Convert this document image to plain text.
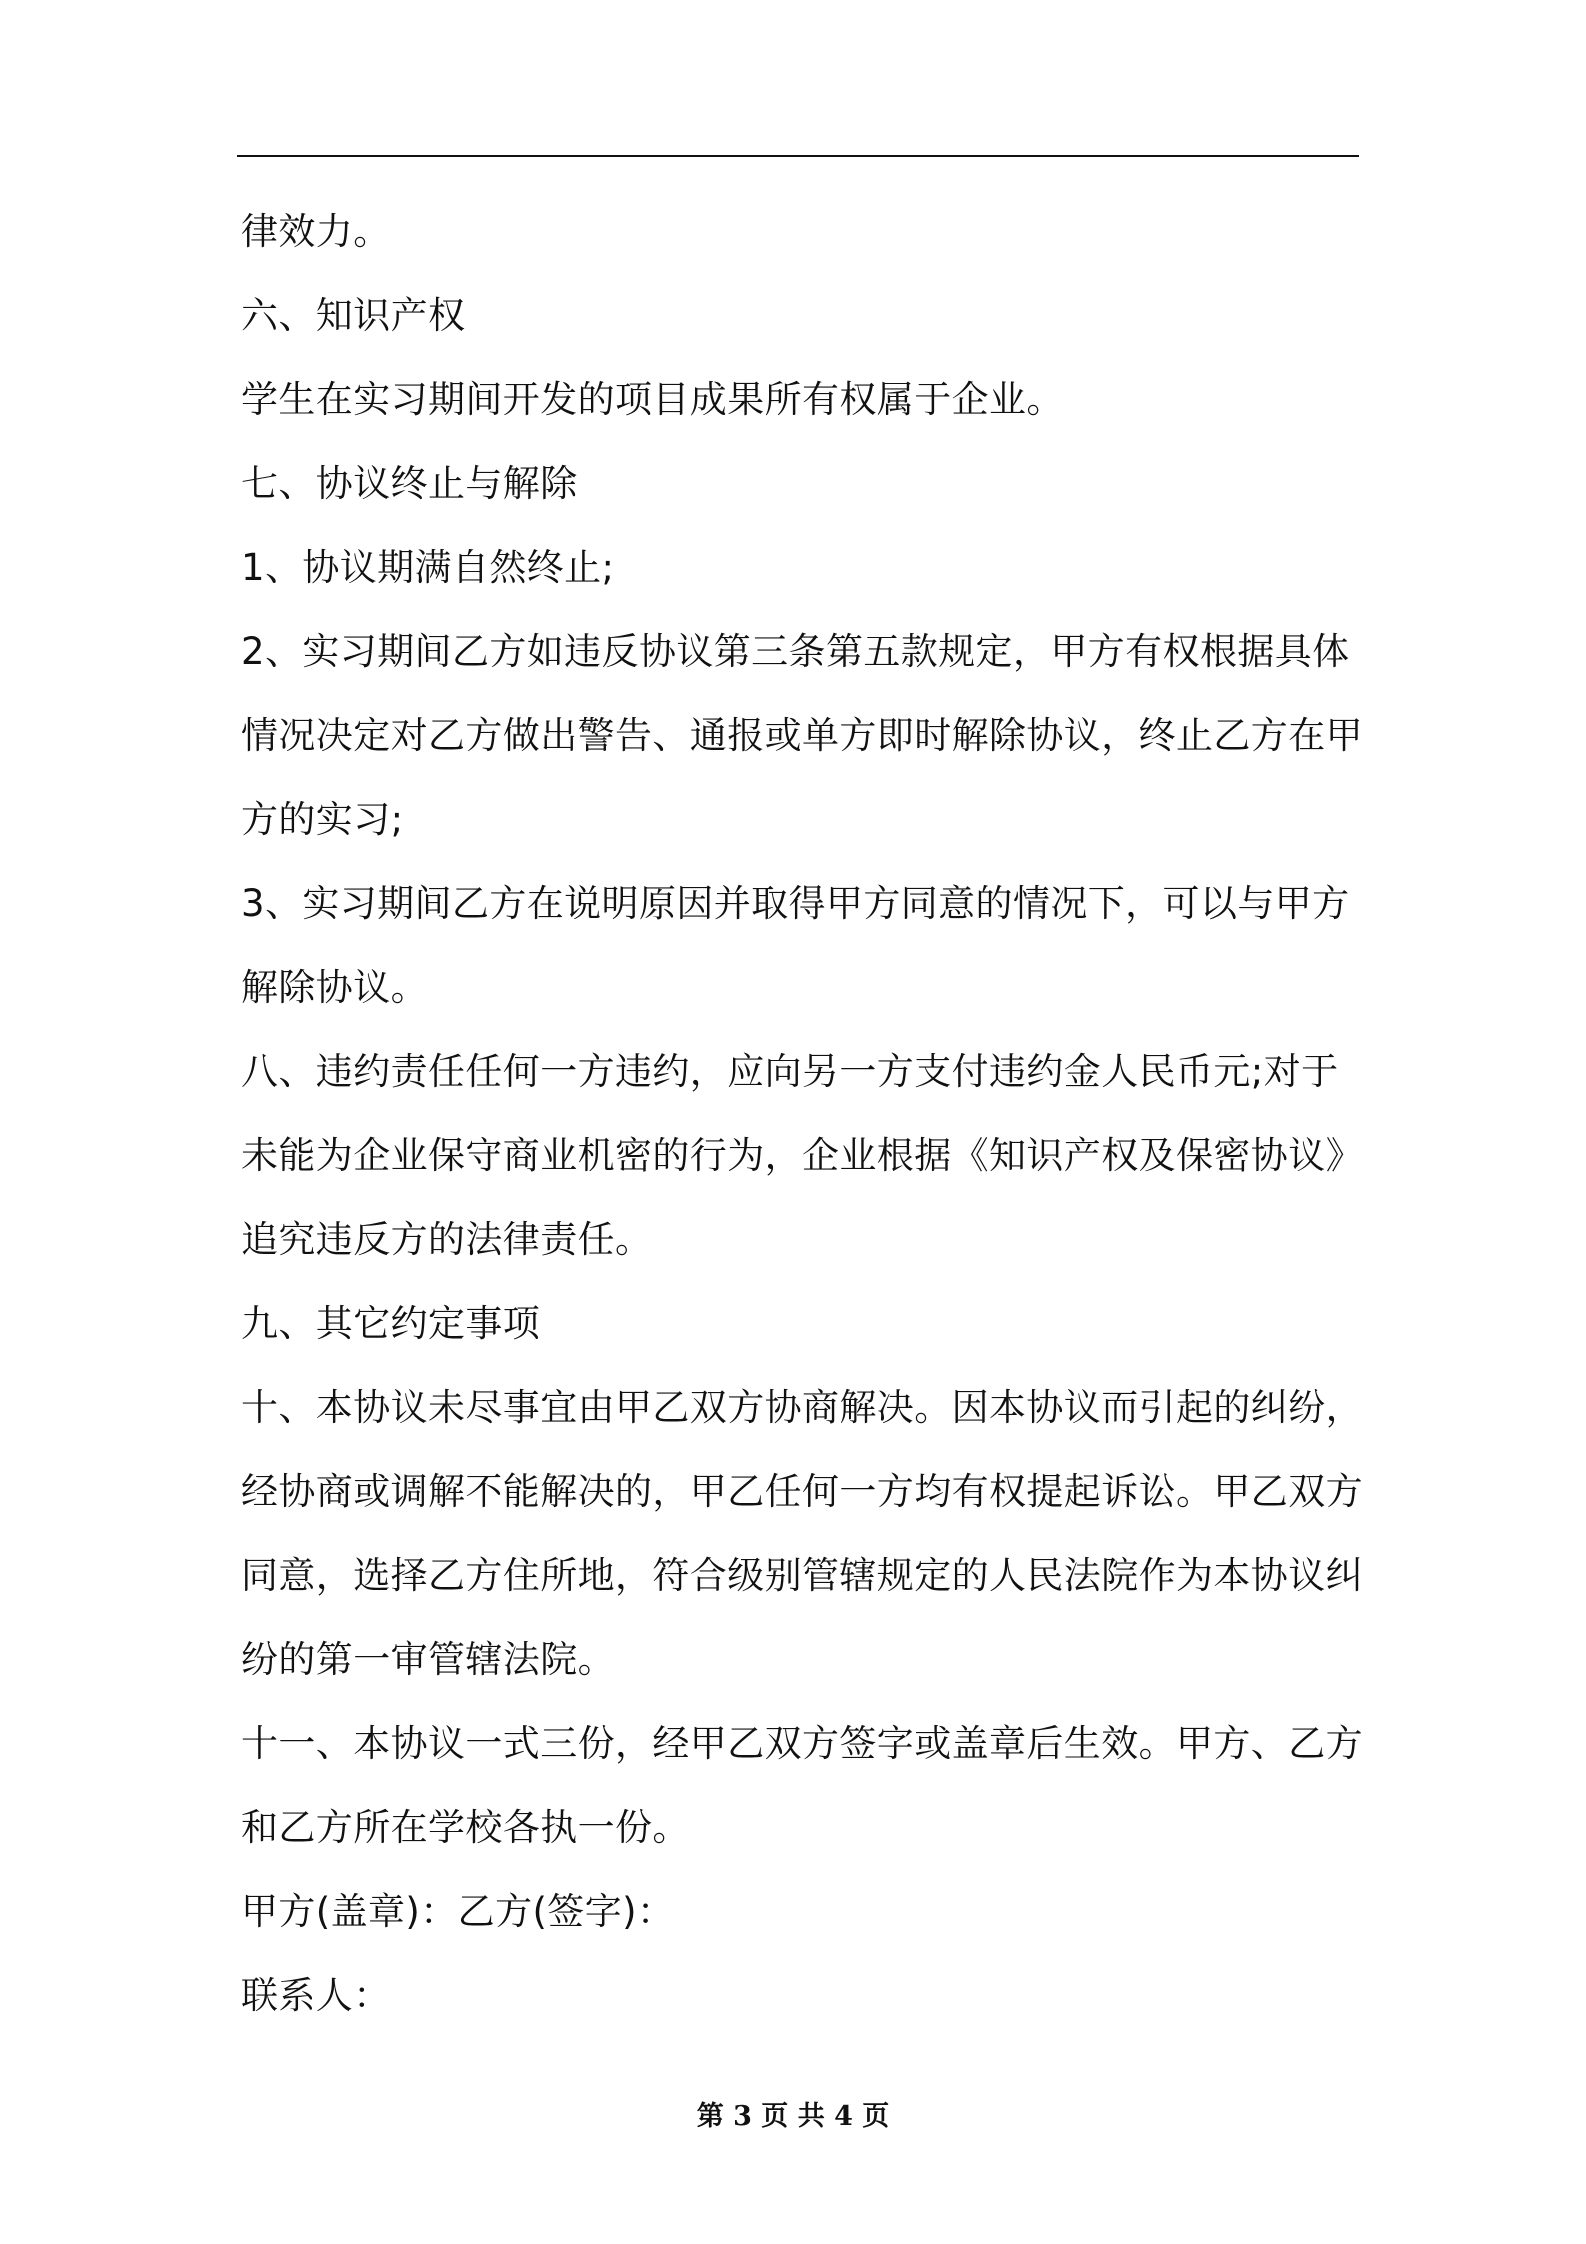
律效力。

六、知识产权

学生在实习期间开发的项目成果所有权属于企业。

七、协议终止与解除

1、协议期满自然终止;

2、实习期间乙方如违反协议第三条第五款规定，甲方有权根据具体

情况决定对乙方做出警告、通报或单方即时解除协议，终止乙方在甲

方的实习;

3、实习期间乙方在说明原因并取得甲方同意的情况下，可以与甲方

解除协议。

八、违约责任任何一方违约，应向另一方支付违约金人民币元;对于

未能为企业保守商业机密的行为，企业根据《知识产权及保密协议》

追究违反方的法律责任。

九、其它约定事项

十、本协议未尽事宜由甲乙双方协商解决。因本协议而引起的纠纷，

经协商或调解不能解决的，甲乙任何一方均有权提起诉讼。甲乙双方

同意，选择乙方住所地，符合级别管辖规定的人民法院作为本协议纠

纷的第一审管辖法院。

十一、本协议一式三份，经甲乙双方签字或盖章后生效。甲方、乙方

和乙方所在学校各执一份。

甲方(盖章)：乙方(签字)：

联系人：

第 3 页 共 4 页
